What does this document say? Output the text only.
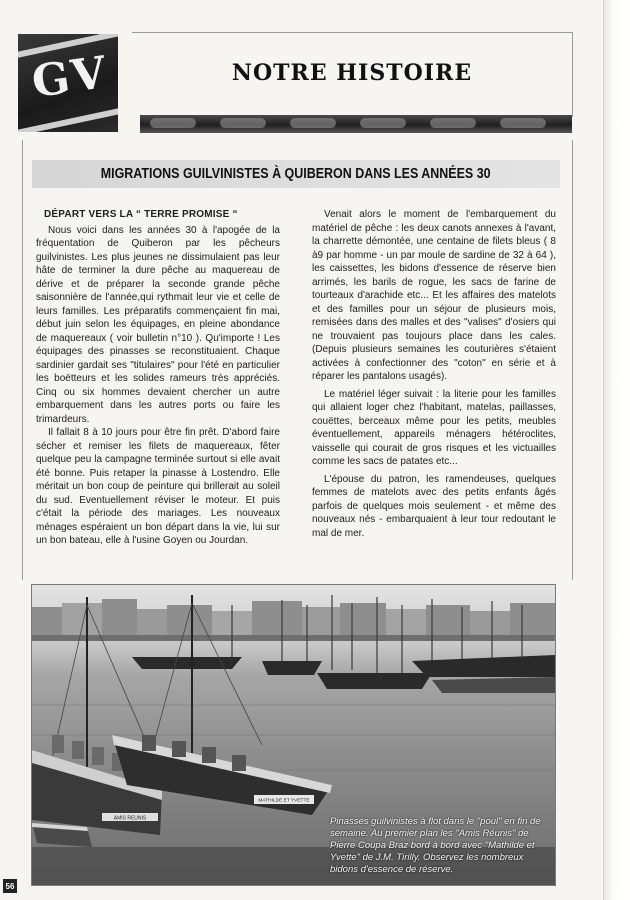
GV	NOTRE HISTOIRE
MIGRATIONS GUILVINISTES À QUIBERON DANS LES ANNÉES 30
DÉPART VERS LA “ TERRE PROMISE “

Nous voici dans les années 30 à l'apogée de la fréquentation de Quiberon par les pêcheurs guilvinistes. Les plus jeunes ne dissimulaient pas leur hâte de terminer la dure pêche au maquereau de dérive et de préparer la seconde grande pêche saisonnière de l'année,qui rythmait leur vie et celle de leurs familles. Les préparatifs commençaient fin mai, début juin selon les équipages, en pleine abondance de maquereaux ( voir bulletin n°10 ). Qu'importe ! Les équipages des pinasses se reconstituaient. Chaque sardinier gardait ses "titulaires" pour l'été en particulier les boëtteurs et les solides rameurs très appréciés. Cinq ou six hommes devaient chercher un autre embarquement dans les autres ports ou faire les trimardeurs.

Il fallait 8 à 10 jours pour être fin prêt. D'abord faire sécher et remiser les filets de maquereaux, fêter quelque peu la campagne terminée surtout si elle avait été bonne. Puis retaper la pinasse à Lostendro. Elle méritait un bon coup de peinture qui brillerait au soleil du sud. Eventuellement réviser le moteur. Et puis c'était la période des mariages. Les nouveaux ménages espéraient un bon départ dans la vie, lui sur un bon bateau, elle à l'usine Goyen ou Jourdan.

Venait alors le moment de l'embarquement du matériel de pêche : les deux canots annexes à l'avant, la charrette démontée, une centaine de filets bleus ( 8 à9 par homme - un par moule de sardine de 32 à 64 ), les caissettes, les bidons d'essence de réserve bien arrimés, les barils de rogue, les sacs de farine de tourteaux d'arachide etc... Et les affaires des matelots et des familles pour un séjour de plusieurs mois, remisées dans des malles et des "valises" d'osiers qui ne trouvaient pas toujours place dans les cales. (Depuis plusieurs semaines les couturières s'étaient activées à confectionner des "coton" en série et à réparer les pantalons usagés).

Le matériel léger suivait : la literie pour les familles qui allaient loger chez l'habitant, matelas, paillasses, couëttes, berceaux même pour les petits, meubles éventuellement, appareils ménagers hétéroclites, vaisselle qui courait de gros risques et les victuailles comme les sacs de patates etc...

L'épouse du patron, les ramendeuses, quelques femmes de matelots avec des petits enfants âgés parfois de quelques mois seulement - et même des nouveaux nés - embarquaient à leur tour redoutant le mal de mer.

AMIS REUNIS
MATHILDE ET YVETTE
Pinasses guilvinistes à flot dans le "poul" en fin de semaine. Au premier plan les "Amis Réunis" de Pierre Coupa Braz bord à bord avec "Mathilde et Yvette" de J.M. Tirilly. Observez les nombreux bidons d'essence de réserve.
56
